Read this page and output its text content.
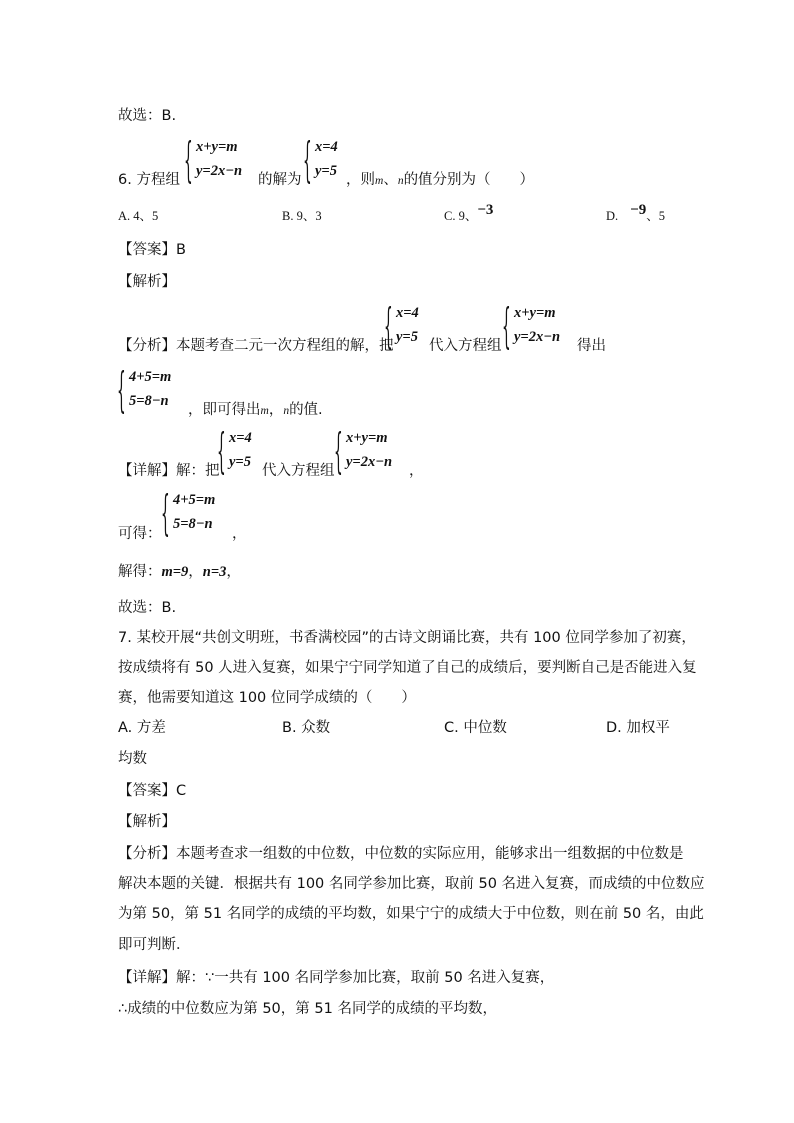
故选：B.
6. 方程组 { x+y=m
y=2x−n
的解为 { x=4
y=5
，则m、n的值分别为（　　）
A. 4、5	B. 9、3	C. 9、−3	D. −9、5
【答案】B
【解析】
【分析】本题考查二元一次方程组的解，把
{ x=4
y=5
代入方程组 { x+y=m
y=2x−n
得出
{ 4+5=m
5=8−n
，即可得出m，n的值.
【详解】解：把
{ x=4
y=5
代入方程组 { x+y=m
y=2x−n
，
可得： { 4+5=m
5=8−n
，
解得：m=9，n=3，
故选：B.
7. 某校开展“共创文明班，书香满校园”的古诗文朗诵比赛，共有 100 位同学参加了初赛，
按成绩将有 50 人进入复赛，如果宁宁同学知道了自己的成绩后，要判断自己是否能进入复
赛，他需要知道这 100 位同学成绩的（　　）
A. 方差	B. 众数	C. 中位数	D. 加权平
均数
【答案】C
【解析】
【分析】本题考查求一组数的中位数，中位数的实际应用，能够求出一组数据的中位数是
解决本题的关键．根据共有 100 名同学参加比赛，取前 50 名进入复赛，而成绩的中位数应
为第 50，第 51 名同学的成绩的平均数，如果宁宁的成绩大于中位数，则在前 50 名，由此
即可判断．
【详解】解：∵一共有 100 名同学参加比赛，取前 50 名进入复赛，
∴成绩的中位数应为第 50，第 51 名同学的成绩的平均数，
